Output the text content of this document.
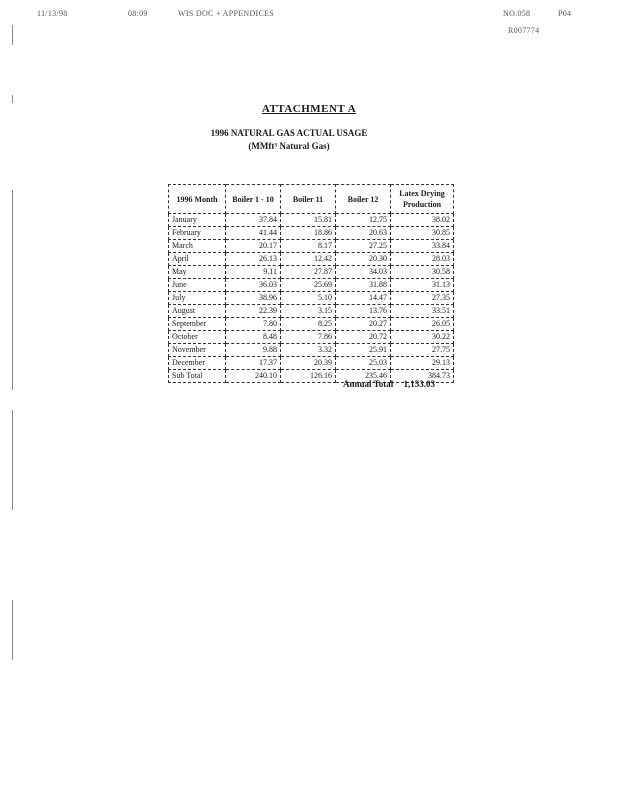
11/13/98	08:09	WIS DOC + APPENDICES	NO.058	P04
R007774
ATTACHMENT A
1996 NATURAL GAS ACTUAL USAGE
(MMft³ Natural Gas)
1996 Month	Boiler 1 - 10	Boiler 11	Boiler 12	Latex Drying Production
January	37.84	15.81	12.75	38.02
February	41.44	18.86	20.63	30.85
March	20.17	8.17	27.25	33.84
April	26.13	12.42	20.30	28.03
May	9.11	27.87	34.03	30.58
June	36.03	25.69	31.88	31.13
July	38.96	5.10	14.47	27.35
August	22.39	3.15	13.76	33.51
September	7.80	8.25	20.27	26.05
October	8.48	7.86	20.72	30.22
November	9.88	3.32	25.91	27.75
December	17.37	20.39	25.03	29.13
Sub Total	240.10	126.16	235.46	384.73
Annual Total 1,153.03
